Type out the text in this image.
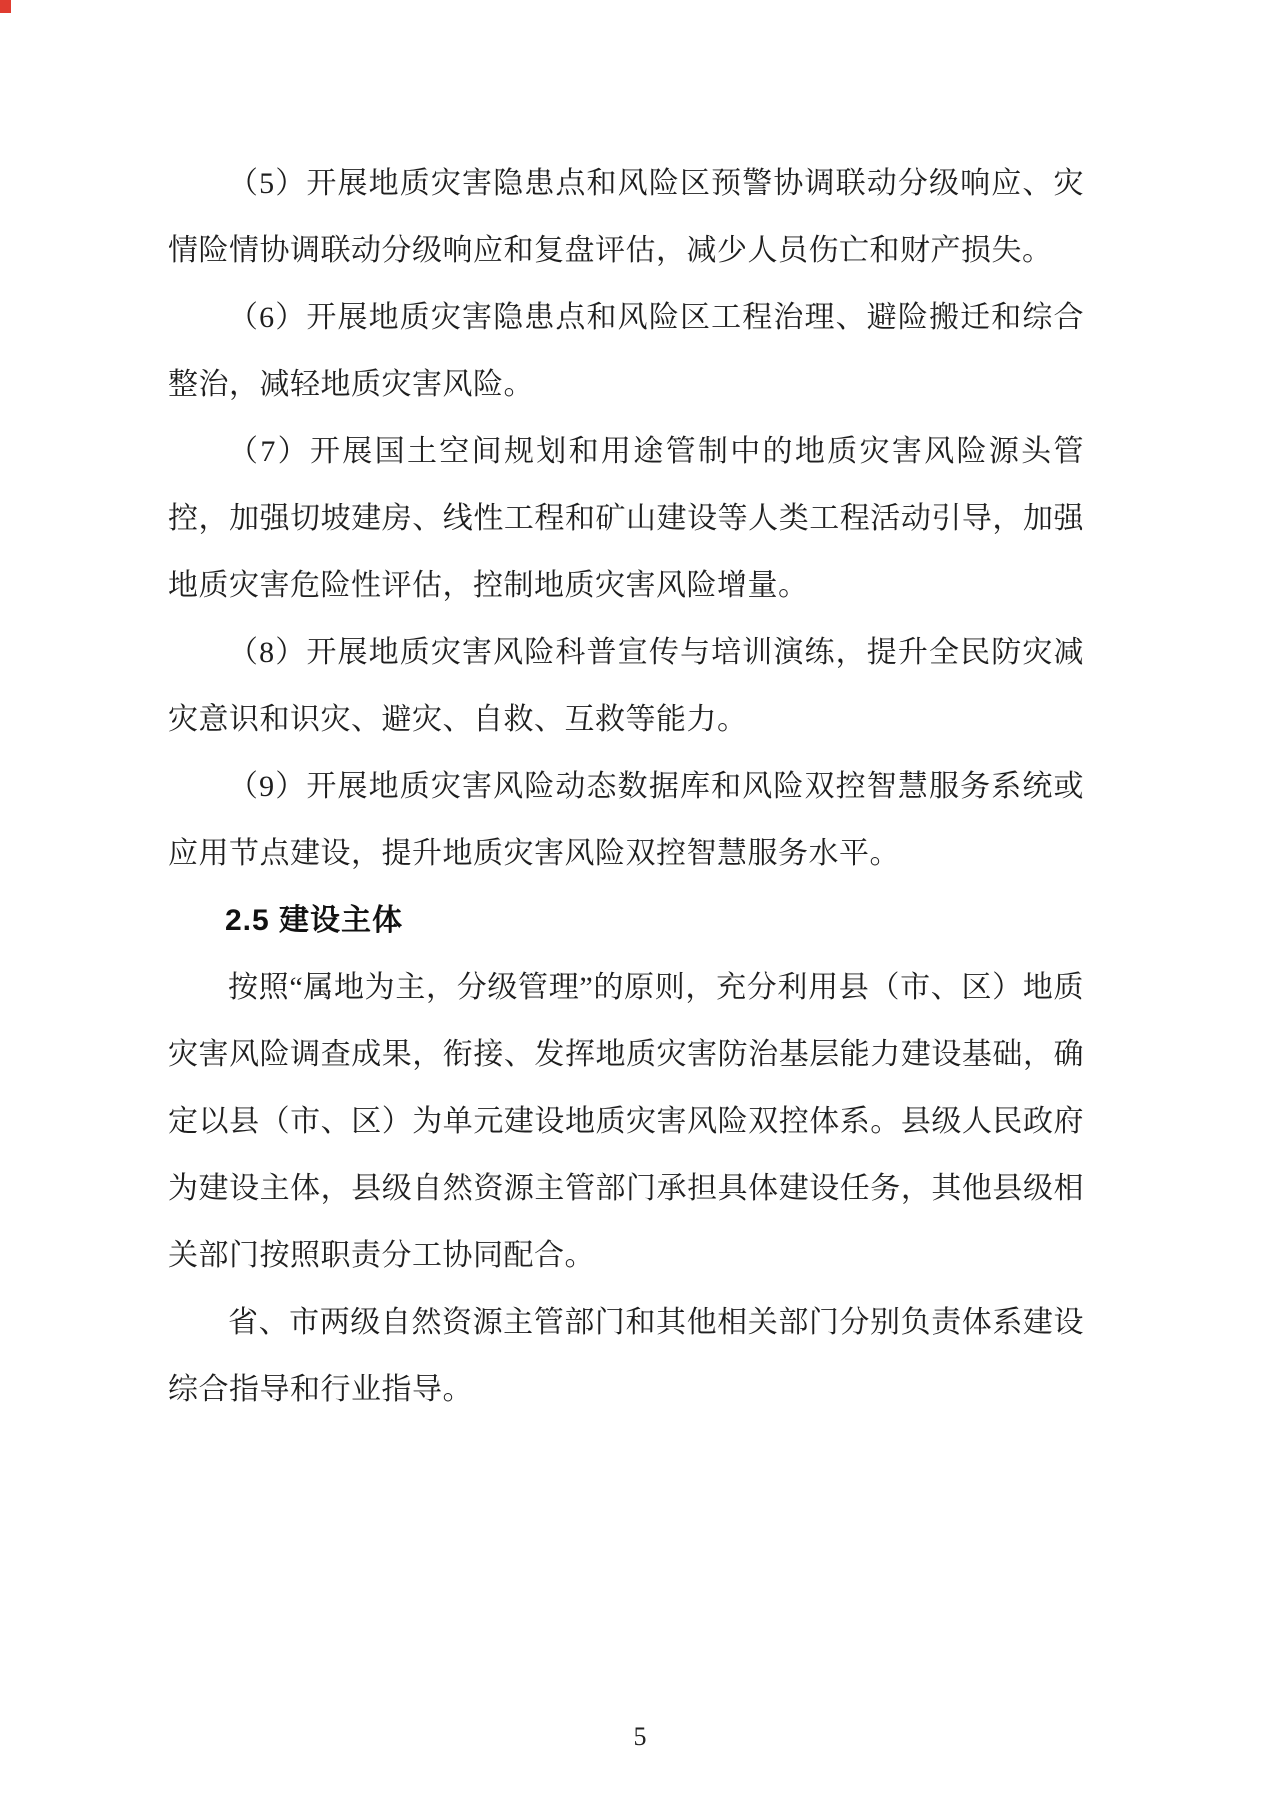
（5）开展地质灾害隐患点和风险区预警协调联动分级响应、灾情险情协调联动分级响应和复盘评估，减少人员伤亡和财产损失。

（6）开展地质灾害隐患点和风险区工程治理、避险搬迁和综合整治，减轻地质灾害风险。

（7）开展国土空间规划和用途管制中的地质灾害风险源头管控，加强切坡建房、线性工程和矿山建设等人类工程活动引导，加强地质灾害危险性评估，控制地质灾害风险增量。

（8）开展地质灾害风险科普宣传与培训演练，提升全民防灾减灾意识和识灾、避灾、自救、互救等能力。

（9）开展地质灾害风险动态数据库和风险双控智慧服务系统或应用节点建设，提升地质灾害风险双控智慧服务水平。

2.5 建设主体

按照“属地为主，分级管理”的原则，充分利用县（市、区）地质灾害风险调查成果，衔接、发挥地质灾害防治基层能力建设基础，确定以县（市、区）为单元建设地质灾害风险双控体系。县级人民政府为建设主体，县级自然资源主管部门承担具体建设任务，其他县级相关部门按照职责分工协同配合。

省、市两级自然资源主管部门和其他相关部门分别负责体系建设综合指导和行业指导。

5
